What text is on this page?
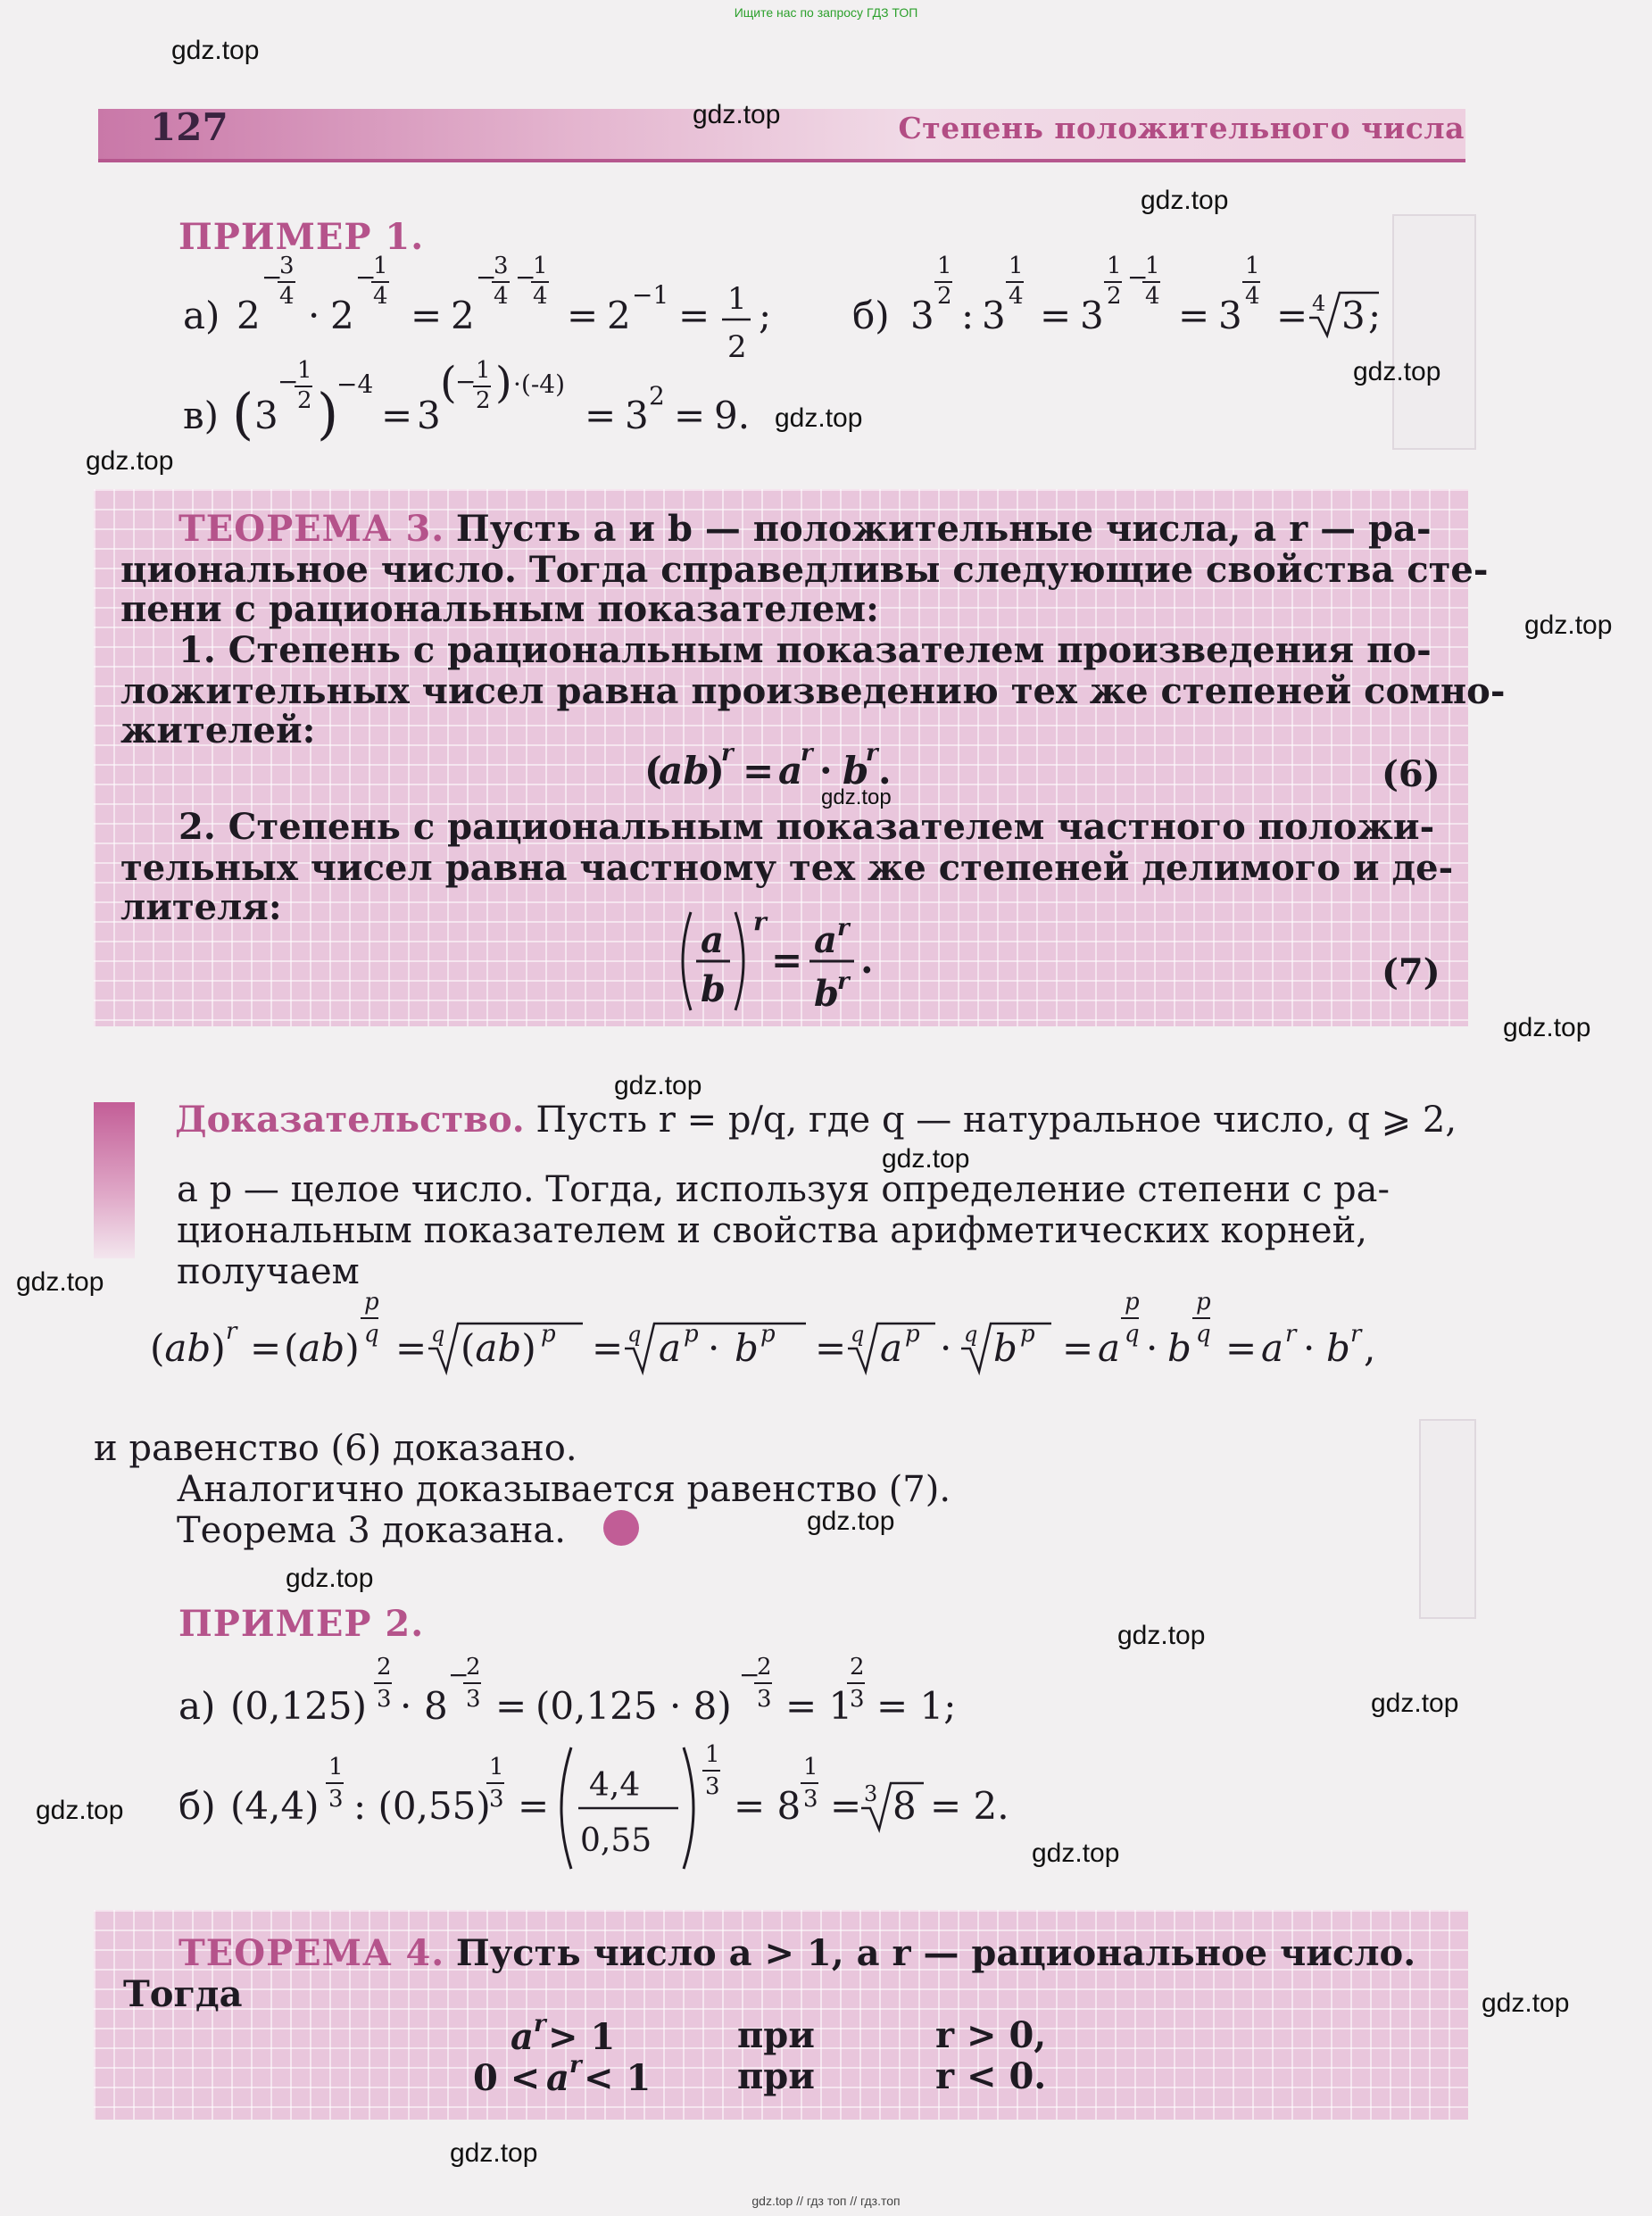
Ищите нас по запросу ГДЗ ТОП
127	Степень положительного числа
ПРИМЕР 1.
а) 2
−
3
4 · 2
−
1
4 = 2
−
3
4
−
1
4 = 2 −1 = 1
2
; б) 3
1
2 : 3
1
4 = 3
1
2
−
1
4 = 3
1
4 = 4 3 ;
в) ( 3
−
1
2 )
−4
= 3
(
− 1
2 ) ·(-4)
= 3 2 = 9.
ТЕОРЕМА 3. Пусть a и b — положительные числа, а r — ра-
циональное число. Тогда справедливы следующие свойства сте-
пени с рациональным показателем:
1. Степень с рациональным показателем произведения по-
ложительных чисел равна произведению тех же степеней сомно-
жителей:
(
ab
)
r = a
r · b
r .	(6)
2. Степень с рациональным показателем частного положи-
тельных чисел равна частному тех же степеней делимого и де-
лителя:
a
b
r
= a r
b
r .	(7)
Доказательство. Пусть r = p/q, где q — натуральное число, q ⩾ 2,
а p — целое число. Тогда, используя определение степени с ра-
циональным показателем и свойства арифметических корней,
получаем
(ab) r = (ab)
p
q = q (ab) p = q a p · b p = q a p · q b p = a
p
q · b
p
q = a r · b r ,
и равенство (6) доказано.
Аналогично доказывается равенство (7).
Теорема 3 доказана.
ПРИМЕР 2.
а) (0,125)
2
3 · 8
−
2
3 = (0,125 · 8)
−
2
3 = 1
2
3 = 1;
б) (4,4)
1
3 : (0,55)
1
3 = 4,4
0,55
1
3 = 8
1
3 = 3 8 = 2.
ТЕОРЕМА 4. Пусть число a > 1, а r — рациональное число.
Тогда
a r > 1	при	r > 0,
0 < a r < 1 при	r < 0.
gdz.top
gdz.top
gdz.top
gdz.top
gdz.top
gdz.top
gdz.top
gdz.top
gdz.top
gdz.top
gdz.top
gdz.top
gdz.top
gdz.top
gdz.top
gdz.top
gdz.top
gdz.top
gdz.top
gdz.top
gdz.top // гдз топ // гдз.топ
